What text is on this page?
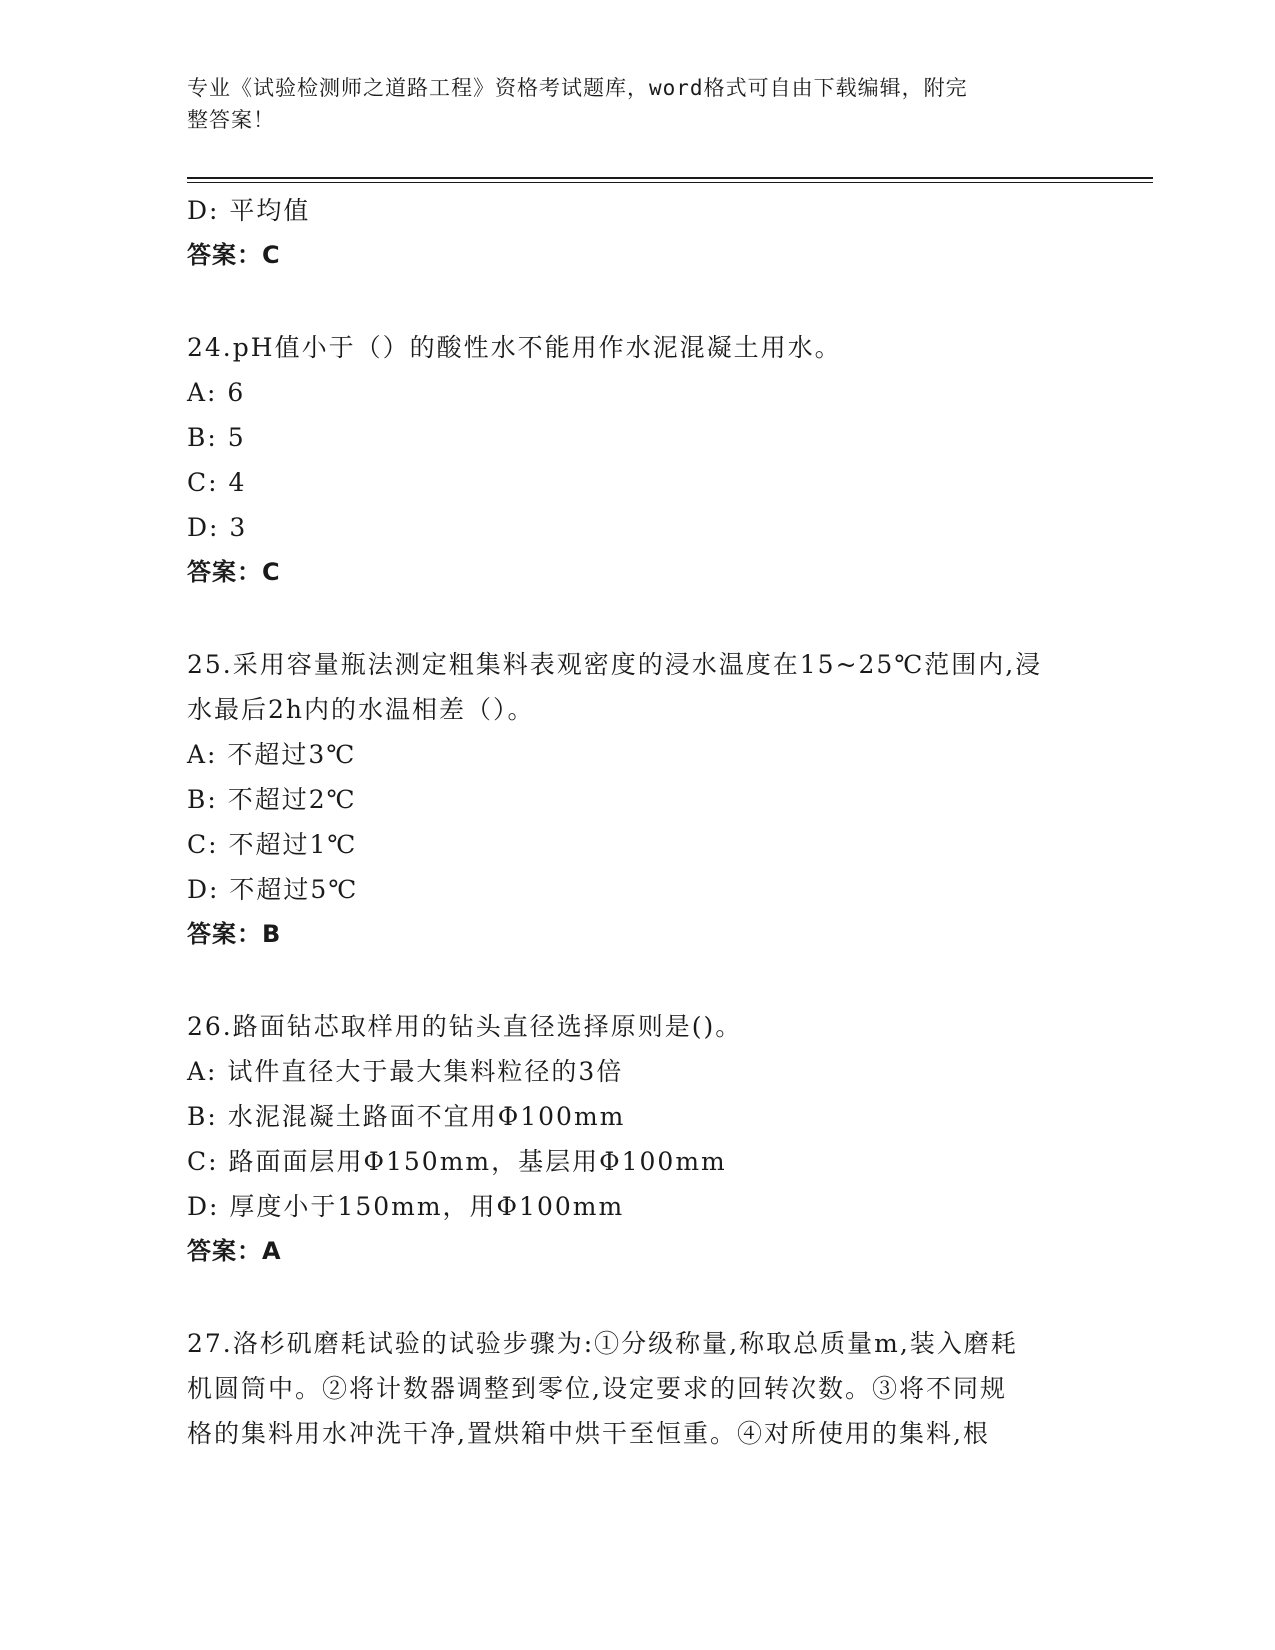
专业《试验检测师之道路工程》资格考试题库，word格式可自由下载编辑，附完
整答案！
D: 平均值
答案：C
24.pH值小于（）的酸性水不能用作水泥混凝土用水。
A: 6
B: 5
C: 4
D: 3
答案：C
25.采用容量瓶法测定粗集料表观密度的浸水温度在15~25℃范围内,浸
水最后2h内的水温相差（）。
A: 不超过3℃
B: 不超过2℃
C: 不超过1℃
D: 不超过5℃
答案：B
26.路面钻芯取样用的钻头直径选择原则是()。
A: 试件直径大于最大集料粒径的3倍
B: 水泥混凝土路面不宜用Φ100mm
C: 路面面层用Φ150mm，基层用Φ100mm
D: 厚度小于150mm，用Φ100mm
答案：A
27.洛杉矶磨耗试验的试验步骤为:①分级称量,称取总质量m,装入磨耗
机圆筒中。②将计数器调整到零位,设定要求的回转次数。③将不同规
格的集料用水冲洗干净,置烘箱中烘干至恒重。④对所使用的集料,根
